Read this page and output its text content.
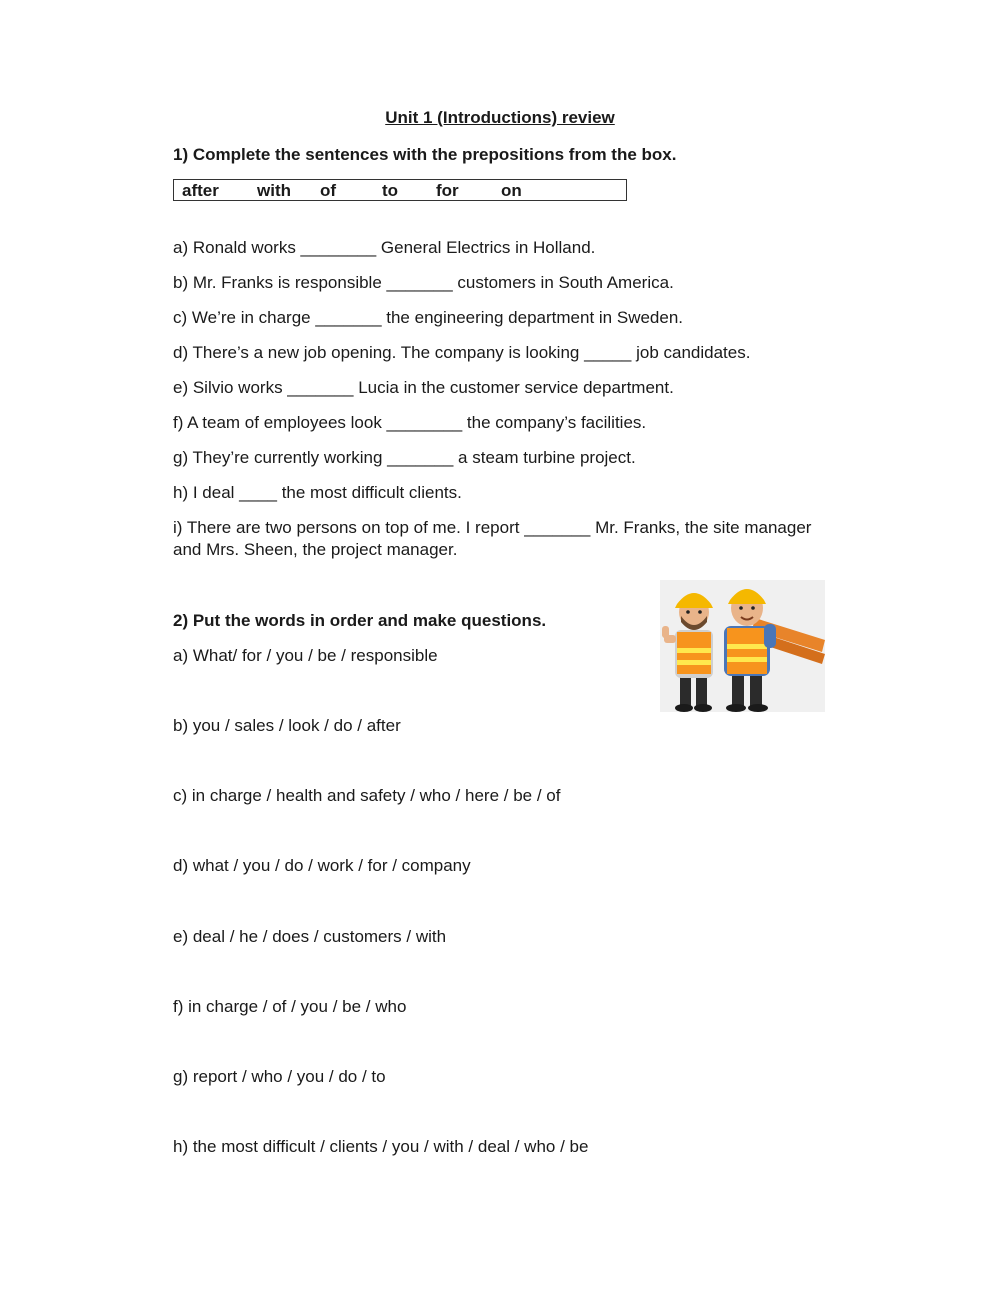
Unit 1 (Introductions) review
1) Complete the sentences with the prepositions from the box.
after with of	to for on
a) Ronald works ________ General Electrics in Holland.
b) Mr. Franks is responsible _______ customers in South America.
c) We’re in charge _______ the engineering department in Sweden.
d) There’s a new job opening. The company is looking _____ job candidates.
e) Silvio works _______ Lucia in the customer service department.
f) A team of employees look ________ the company’s facilities.
g) They’re currently working _______ a steam turbine project.
h) I deal ____ the most difficult clients.
i) There are two persons on top of me. I report _______ Mr. Franks, the site manager and Mrs. Sheen, the project manager.
2) Put the words in order and make questions.
a) What/ for / you / be / responsible
b) you / sales / look / do / after
c) in charge / health and safety / who / here / be / of
d) what / you / do / work / for / company
e) deal / he / does / customers / with
f) in charge / of / you / be / who
g) report / who / you / do / to
h) the most difficult / clients / you / with / deal / who / be
